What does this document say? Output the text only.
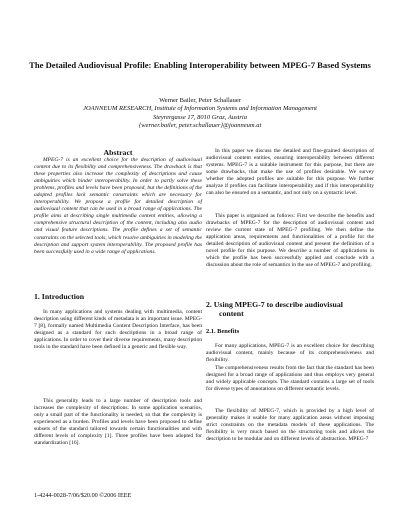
The Detailed Audiovisual Profile: Enabling Interoperability between MPEG-7 Based Systems
Werner Bailer, Peter Schallauer
JOANNEUM RESEARCH, Institute of Information Systems and Information Management
Steyrergasse 17, 8010 Graz, Austria
{werner.bailer, peter.schallauer}@joanneum.at
Abstract

MPEG-7 is an excellent choice for the description of audiovisual content due to its flexibility and comprehensiveness. The drawback is that these properties also increase the complexity of descriptions and cause ambiguities which hinder interoperability. In order to partly solve these problems, profiles and levels have been proposed, but the definitions of the adopted profiles lack semantic constraints which are necessary for interoperability. We propose a profile for detailed description of audiovisual content that can be used in a broad range of applications. The profile aims at describing single multimedia content entities, allowing a comprehensive structural description of the content, including also audio and visual feature descriptions. The profile defines a set of semantic constraints on the selected tools, which resolve ambiguities in modeling the description and support system interoperability. The proposed profile has been successfully used in a wide range of applications.

1. Introduction

In many applications and systems dealing with multimedia, content description using different kinds of metadata is an important issue. MPEG-7 [8], formally named Multimedia Content Description Interface, has been designed as a standard for such descriptions in a broad range of applications. In order to cover their diverse requirements, many description tools in the standard have been defined in a generic and flexible way.

This generality leads to a large number of description tools and increases the complexity of descriptions. In some application scenarios, only a small part of the functionality is needed, so that the complexity is experienced as a burden. Profiles and levels have been proposed to define subsets of the standard tailored towards certain functionalities and with different levels of complexity [1]. Three profiles have been adopted for standardization [16].

In this paper we discuss the detailed and fine-grained description of audiovisual content entities, ensuring interoperability between different systems. MPEG-7 is a suitable instrument for this purpose, but there are some drawbacks, that make the use of profiles desirable. We survey whether the adopted profiles are suitable for this purpose. We further analyze if profiles can facilitate interoperability and if this interoperability can also be ensured on a semantic, and not only on a syntactic level.

This paper is organized as follows: First we describe the benefits and drawbacks of MPEG-7 for the description of audiovisual content and review the current state of MPEG-7 profiling. We then define the application areas, requirements and functionalities of a profile for the detailed description of audiovisual content and present the definition of a novel profile for this purpose. We describe a number of applications in which the profile has been successfully applied and conclude with a discussion about the role of semantics in the use of MPEG-7 and profiling.

2. Using MPEG-7 to describe audiovisual
content
2.1. Benefits

For many applications, MPEG-7 is an excellent choice for describing audiovisual content, mainly because of its comprehensiveness and flexibility.

The comprehensiveness results from the fact that the standard has been designed for a broad range of applications and thus employs very general and widely applicable concepts. The standard contains a large set of tools for diverse types of annotations on different semantic levels.

The flexibility of MPEG-7, which is provided by a high level of generality makes it usable for many application areas without imposing strict constraints on the metadata models of these applications. The flexibility is very much based on the structuring tools and allows the description to be modular and on different levels of abstraction. MPEG-7

1-4244-0028-7/06/$20.00 ©2006 IEEE
